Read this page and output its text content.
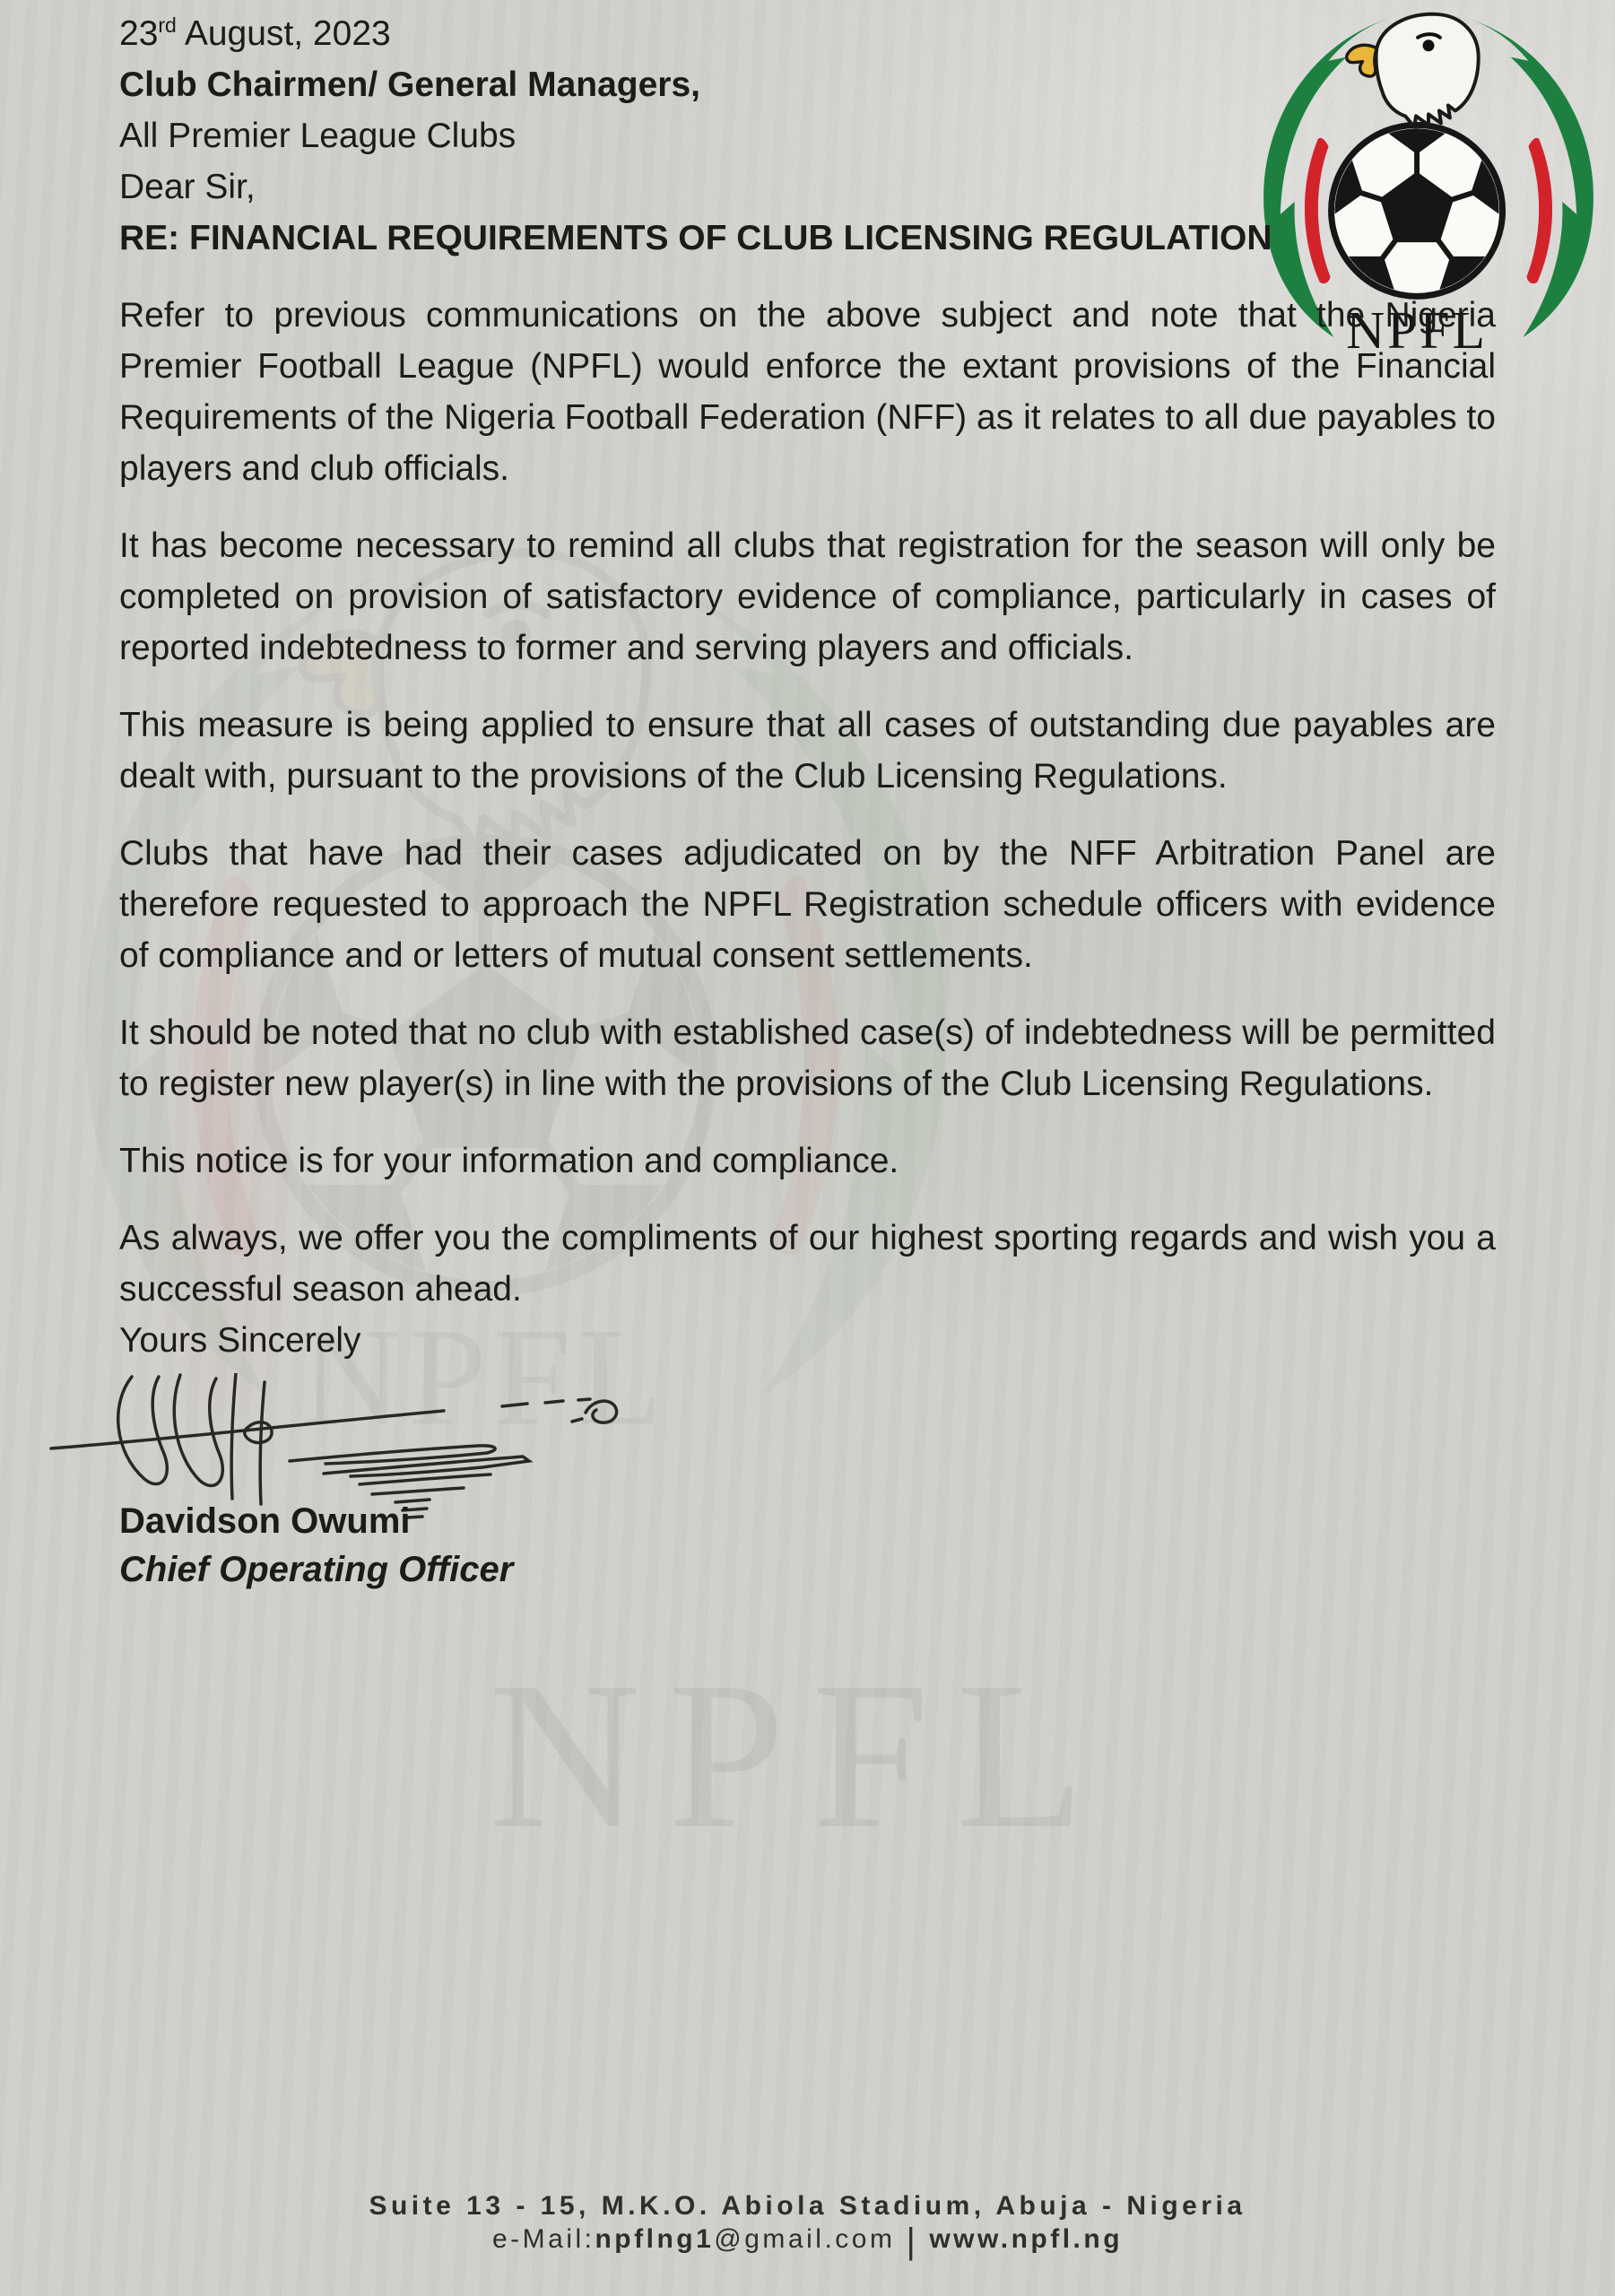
NPFL

23rd August, 2023

Club Chairmen/ General Managers,

All Premier League Clubs

Dear Sir,

RE: FINANCIAL REQUIREMENTS OF CLUB LICENSING REGULATION

Refer to previous communications on the above subject and note that the Nigeria Premier Football League (NPFL) would enforce the extant provisions of the Financial Requirements of the Nigeria Football Federation (NFF) as it relates to all due payables to players and club officials.

It has become necessary to remind all clubs that registration for the season will only be completed on provision of satisfactory evidence of compliance, particularly in cases of reported indebtedness to former and serving players and officials.

This measure is being applied to ensure that all cases of outstanding due payables are dealt with, pursuant to the provisions of the Club Licensing Regulations.

Clubs that have had their cases adjudicated on by the NFF Arbitration Panel are therefore requested to approach the NPFL Registration schedule officers with evidence of compliance and or letters of mutual consent settlements.

It should be noted that no club with established case(s) of indebtedness will be permitted to register new player(s) in line with the provisions of the Club Licensing Regulations.

This notice is for your information and compliance.

As always, we offer you the compliments of our highest sporting regards and wish you a successful season ahead.

Yours Sincerely

Davidson Owumi

Chief Operating Officer

Suite 13 - 15, M.K.O. Abiola Stadium, Abuja - Nigeria
e-Mail:npflng1@gmail.com | www.npfl.ng
